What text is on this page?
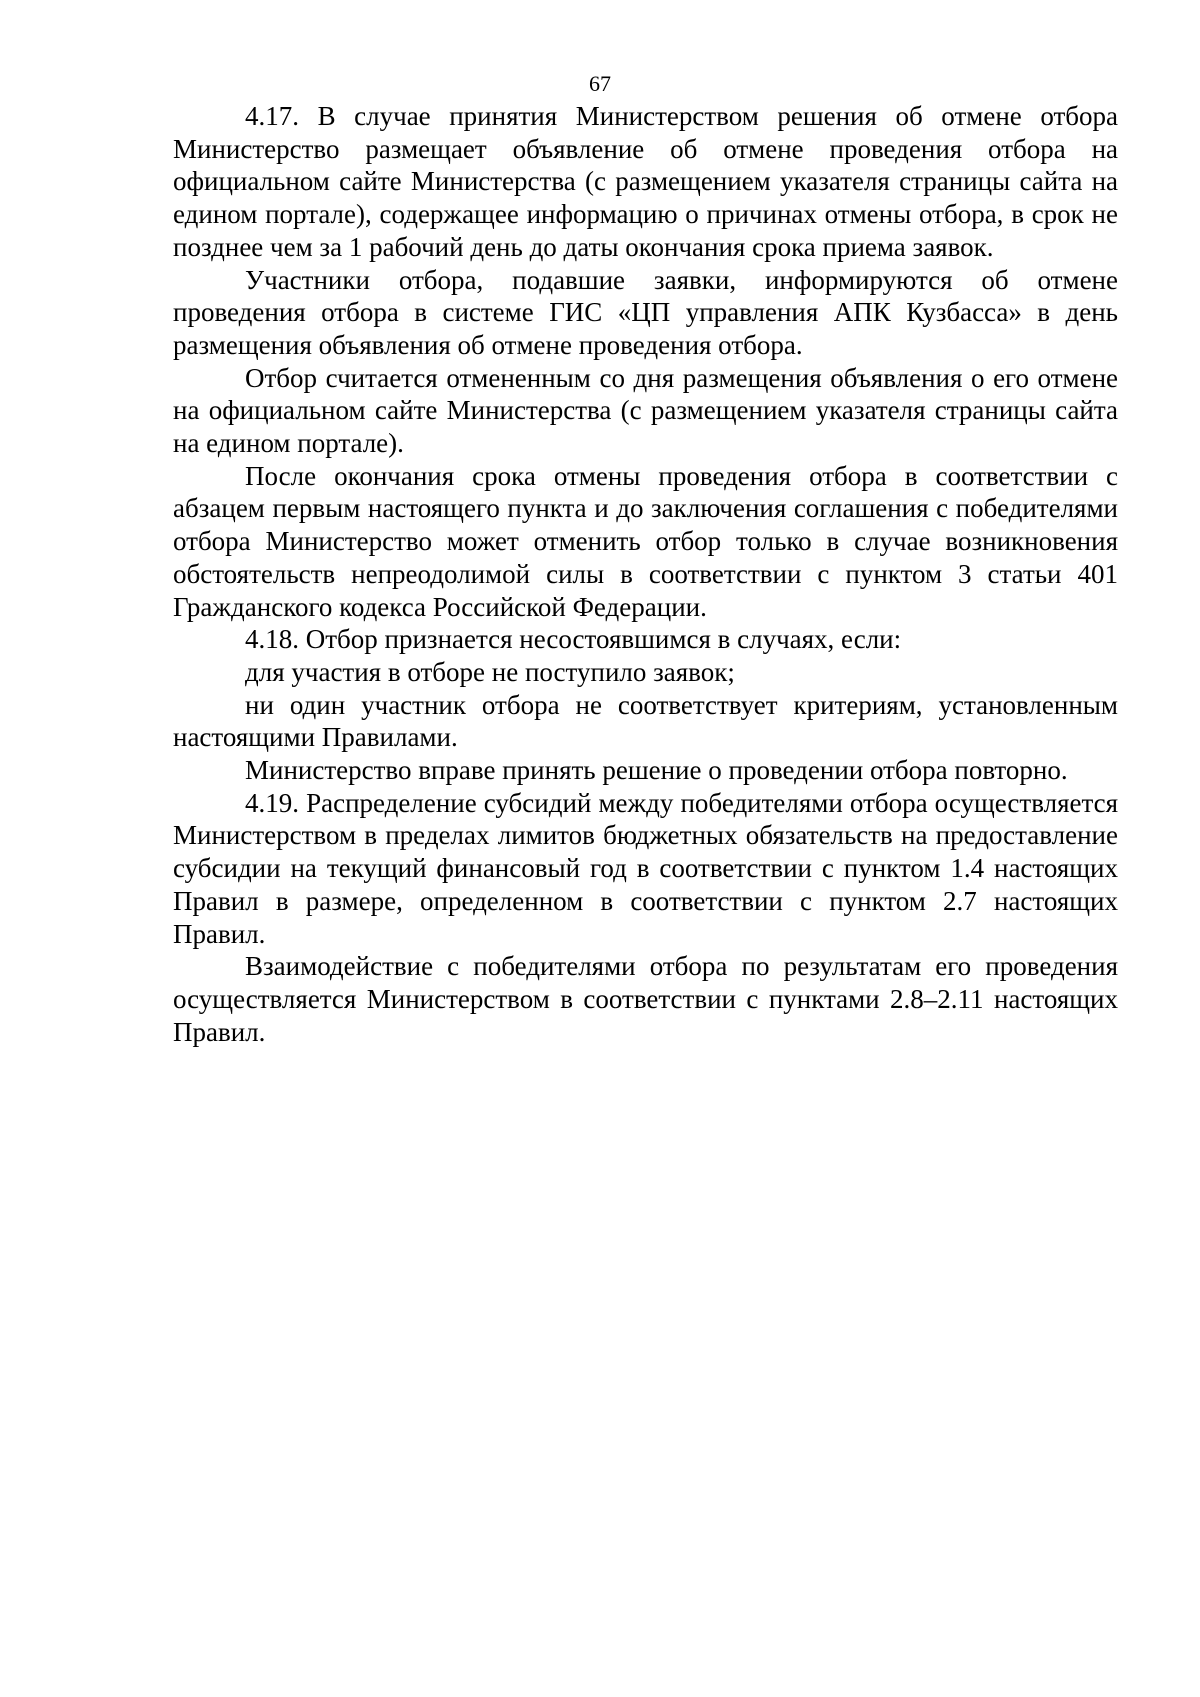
67

4.17. В случае принятия Министерством решения об отмене отбора Министерство размещает объявление об отмене проведения отбора на официальном сайте Министерства (с размещением указателя страницы сайта на едином портале), содержащее информацию о причинах отмены отбора, в срок не позднее чем за 1 рабочий день до даты окончания срока приема заявок.

Участники отбора, подавшие заявки, информируются об отмене проведения отбора в системе ГИС «ЦП управления АПК Кузбасса» в день размещения объявления об отмене проведения отбора.

Отбор считается отмененным со дня размещения объявления о его отмене на официальном сайте Министерства (с размещением указателя страницы сайта на едином портале).

После окончания срока отмены проведения отбора в соответствии с абзацем первым настоящего пункта и до заключения соглашения с победителями отбора Министерство может отменить отбор только в случае возникновения обстоятельств непреодолимой силы в соответствии с пунктом 3 статьи 401 Гражданского кодекса Российской Федерации.

4.18. Отбор признается несостоявшимся в случаях, если:

для участия в отборе не поступило заявок;

ни один участник отбора не соответствует критериям, установленным настоящими Правилами.

Министерство вправе принять решение о проведении отбора повторно.

4.19. Распределение субсидий между победителями отбора осуществляется Министерством в пределах лимитов бюджетных обязательств на предоставление субсидии на текущий финансовый год в соответствии с пунктом 1.4 настоящих Правил в размере, определенном в соответствии с пунктом 2.7 настоящих Правил.

Взаимодействие с победителями отбора по результатам его проведения осуществляется Министерством в соответствии с пунктами 2.8–2.11 настоящих Правил.
